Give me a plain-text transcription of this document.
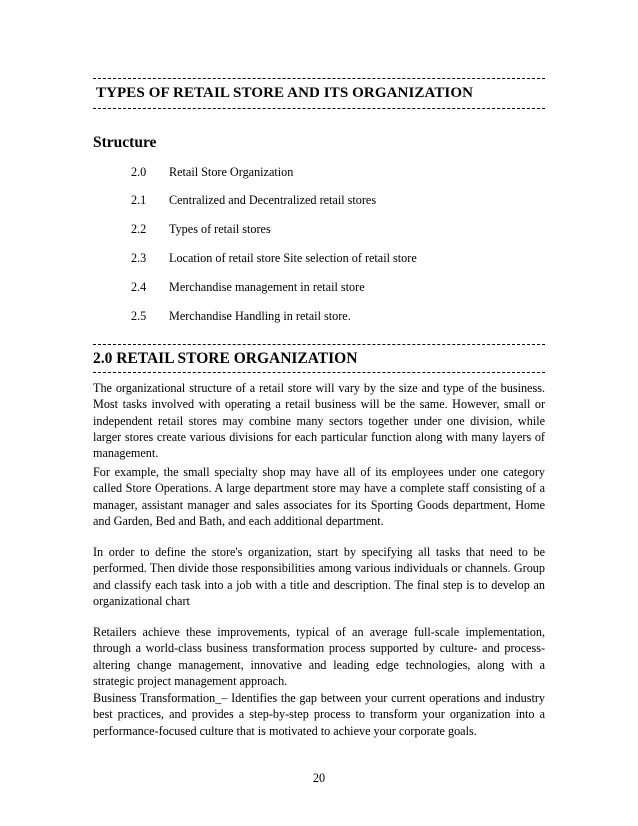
TYPES OF RETAIL STORE AND ITS ORGANIZATION
Structure
2.0 Retail Store Organization
2.1 Centralized and Decentralized retail stores
2.2 Types of retail stores
2.3 Location of retail store Site selection of retail store
2.4 Merchandise management in retail store
2.5 Merchandise Handling in retail store.
2.0 RETAIL STORE ORGANIZATION

The organizational structure of a retail store will vary by the size and type of the business. Most tasks involved with operating a retail business will be the same. However, small or independent retail stores may combine many sectors together under one division, while larger stores create various divisions for each particular function along with many layers of management.

For example, the small specialty shop may have all of its employees under one category called Store Operations. A large department store may have a complete staff consisting of a manager, assistant manager and sales associates for its Sporting Goods department, Home and Garden, Bed and Bath, and each additional department.

In order to define the store's organization, start by specifying all tasks that need to be performed. Then divide those responsibilities among various individuals or channels. Group and classify each task into a job with a title and description. The final step is to develop an organizational chart

Retailers achieve these improvements, typical of an average full-scale implementation, through a world-class business transformation process supported by culture- and process-altering change management, innovative and leading edge technologies, along with a strategic project management approach.

Business Transformation_– Identifies the gap between your current operations and industry best practices, and provides a step-by-step process to transform your organization into a performance-focused culture that is motivated to achieve your corporate goals.

20
